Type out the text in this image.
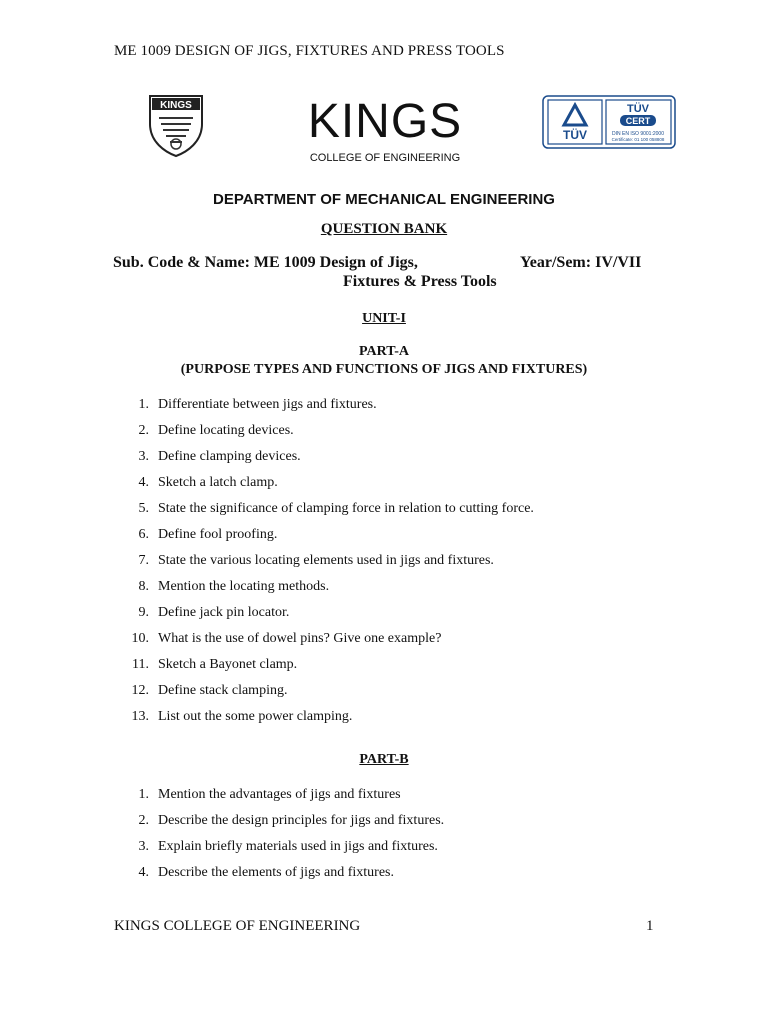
ME 1009 DESIGN OF JIGS, FIXTURES AND PRESS TOOLS
KINGS KINGS
COLLEGE OF ENGINEERING
TÜV
TÜV
CERT
DIN EN ISO 9001:2000
Certificate: 01 100 058808
DEPARTMENT OF MECHANICAL ENGINEERING
QUESTION BANK
Sub. Code & Name: ME 1009 Design of Jigs,	Year/Sem: IV/VII
Fixtures & Press Tools
UNIT-I
PART-A
(PURPOSE TYPES AND FUNCTIONS OF JIGS AND FIXTURES)
1. Differentiate between jigs and fixtures.
2. Define locating devices.
3. Define clamping devices.
4. Sketch a latch clamp.
5. State the significance of clamping force in relation to cutting force.
6. Define fool proofing.
7. State the various locating elements used in jigs and fixtures.
8. Mention the locating methods.
9. Define jack pin locator.
10. What is the use of dowel pins? Give one example?
11. Sketch a Bayonet clamp.
12. Define stack clamping.
13. List out the some power clamping.
PART-B
1. Mention the advantages of jigs and fixtures
2. Describe the design principles for jigs and fixtures.
3. Explain briefly materials used in jigs and fixtures.
4. Describe the elements of jigs and fixtures.
KINGS COLLEGE OF ENGINEERING	1
